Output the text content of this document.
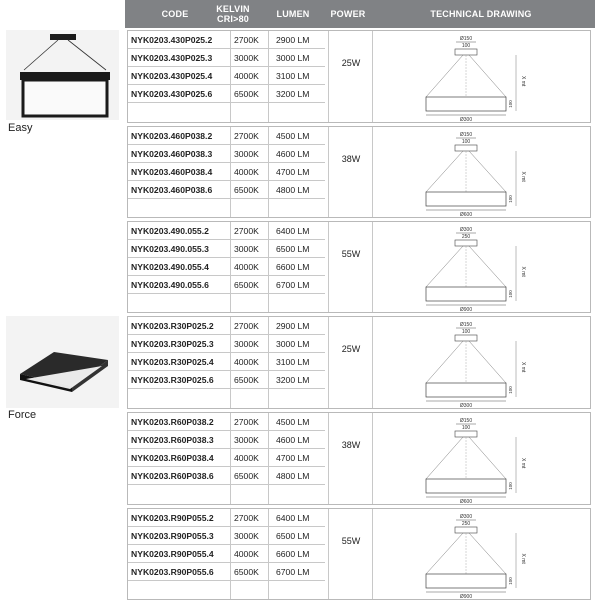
CODE	KELVIN CRI>80	LUMEN	POWER	TECHNICAL DRAWING
Easy
Force
NYK0203.430P025.2	2700K	2900 LM
NYK0203.430P025.3	3000K	3000 LM
NYK0203.430P025.4	4000K	3100 LM
NYK0203.430P025.6	6500K	3200 LM
25W
Ø150
100
X mt
100
Ø300
NYK0203.460P038.2	2700K	4500 LM
NYK0203.460P038.3	3000K	4600 LM
NYK0203.460P038.4	4000K	4700 LM
NYK0203.460P038.6	6500K	4800 LM
38W
Ø150
100
X mt
100
Ø600
NYK0203.490.055.2	2700K	6400 LM
NYK0203.490.055.3	3000K	6500 LM
NYK0203.490.055.4	4000K	6600 LM
NYK0203.490.055.6	6500K	6700 LM
55W
Ø300
250
X mt
100
Ø900
NYK0203.R30P025.2	2700K	2900 LM
NYK0203.R30P025.3	3000K	3000 LM
NYK0203.R30P025.4	4000K	3100 LM
NYK0203.R30P025.6	6500K	3200 LM
25W
Ø150
100
X mt
100
Ø300
NYK0203.R60P038.2	2700K	4500 LM
NYK0203.R60P038.3	3000K	4600 LM
NYK0203.R60P038.4	4000K	4700 LM
NYK0203.R60P038.6	6500K	4800 LM
38W
Ø150
100
X mt
100
Ø600
NYK0203.R90P055.2	2700K	6400 LM
NYK0203.R90P055.3	3000K	6500 LM
NYK0203.R90P055.4	4000K	6600 LM
NYK0203.R90P055.6	6500K	6700 LM
55W
Ø300
250
X mt
100
Ø900
